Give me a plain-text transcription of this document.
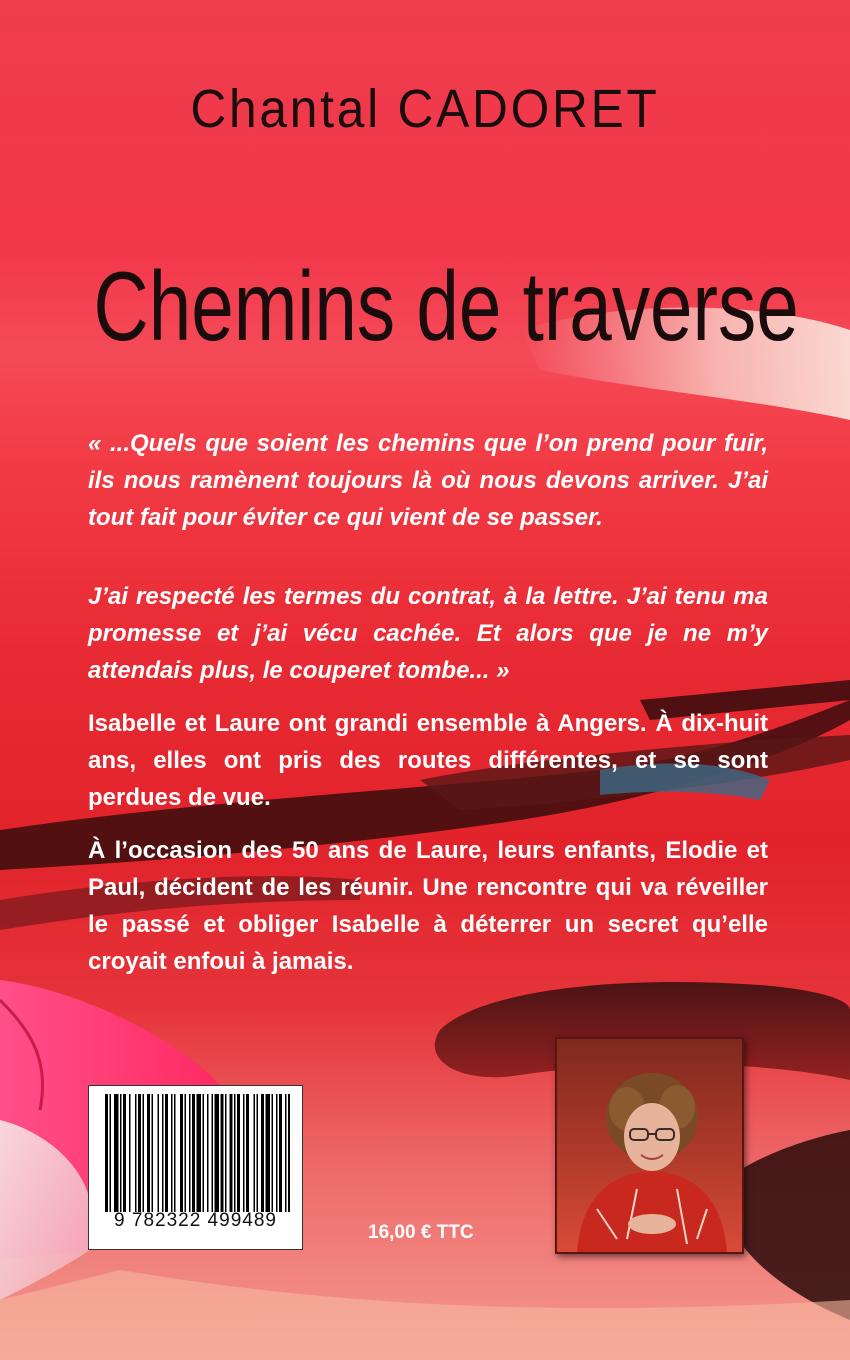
Chantal CADORET
Chemins de traverse
« ...Quels que soient les chemins que l’on prend pour fuir, ils nous ramènent toujours là où nous devons arriver. J’ai tout fait pour éviter ce qui vient de se passer.
J’ai respecté les termes du contrat, à la lettre. J’ai tenu ma promesse et j’ai vécu cachée. Et alors que je ne m’y attendais plus, le couperet tombe... »
Isabelle et Laure ont grandi ensemble à Angers. À dix-huit ans, elles ont pris des routes différentes, et se sont perdues de vue.
À l’occasion des 50 ans de Laure, leurs enfants, Elodie et Paul, décident de les réunir. Une rencontre qui va réveiller le passé et obliger Isabelle à déterrer un secret qu’elle croyait enfoui à jamais.
9 782322 499489
16,00 € TTC
